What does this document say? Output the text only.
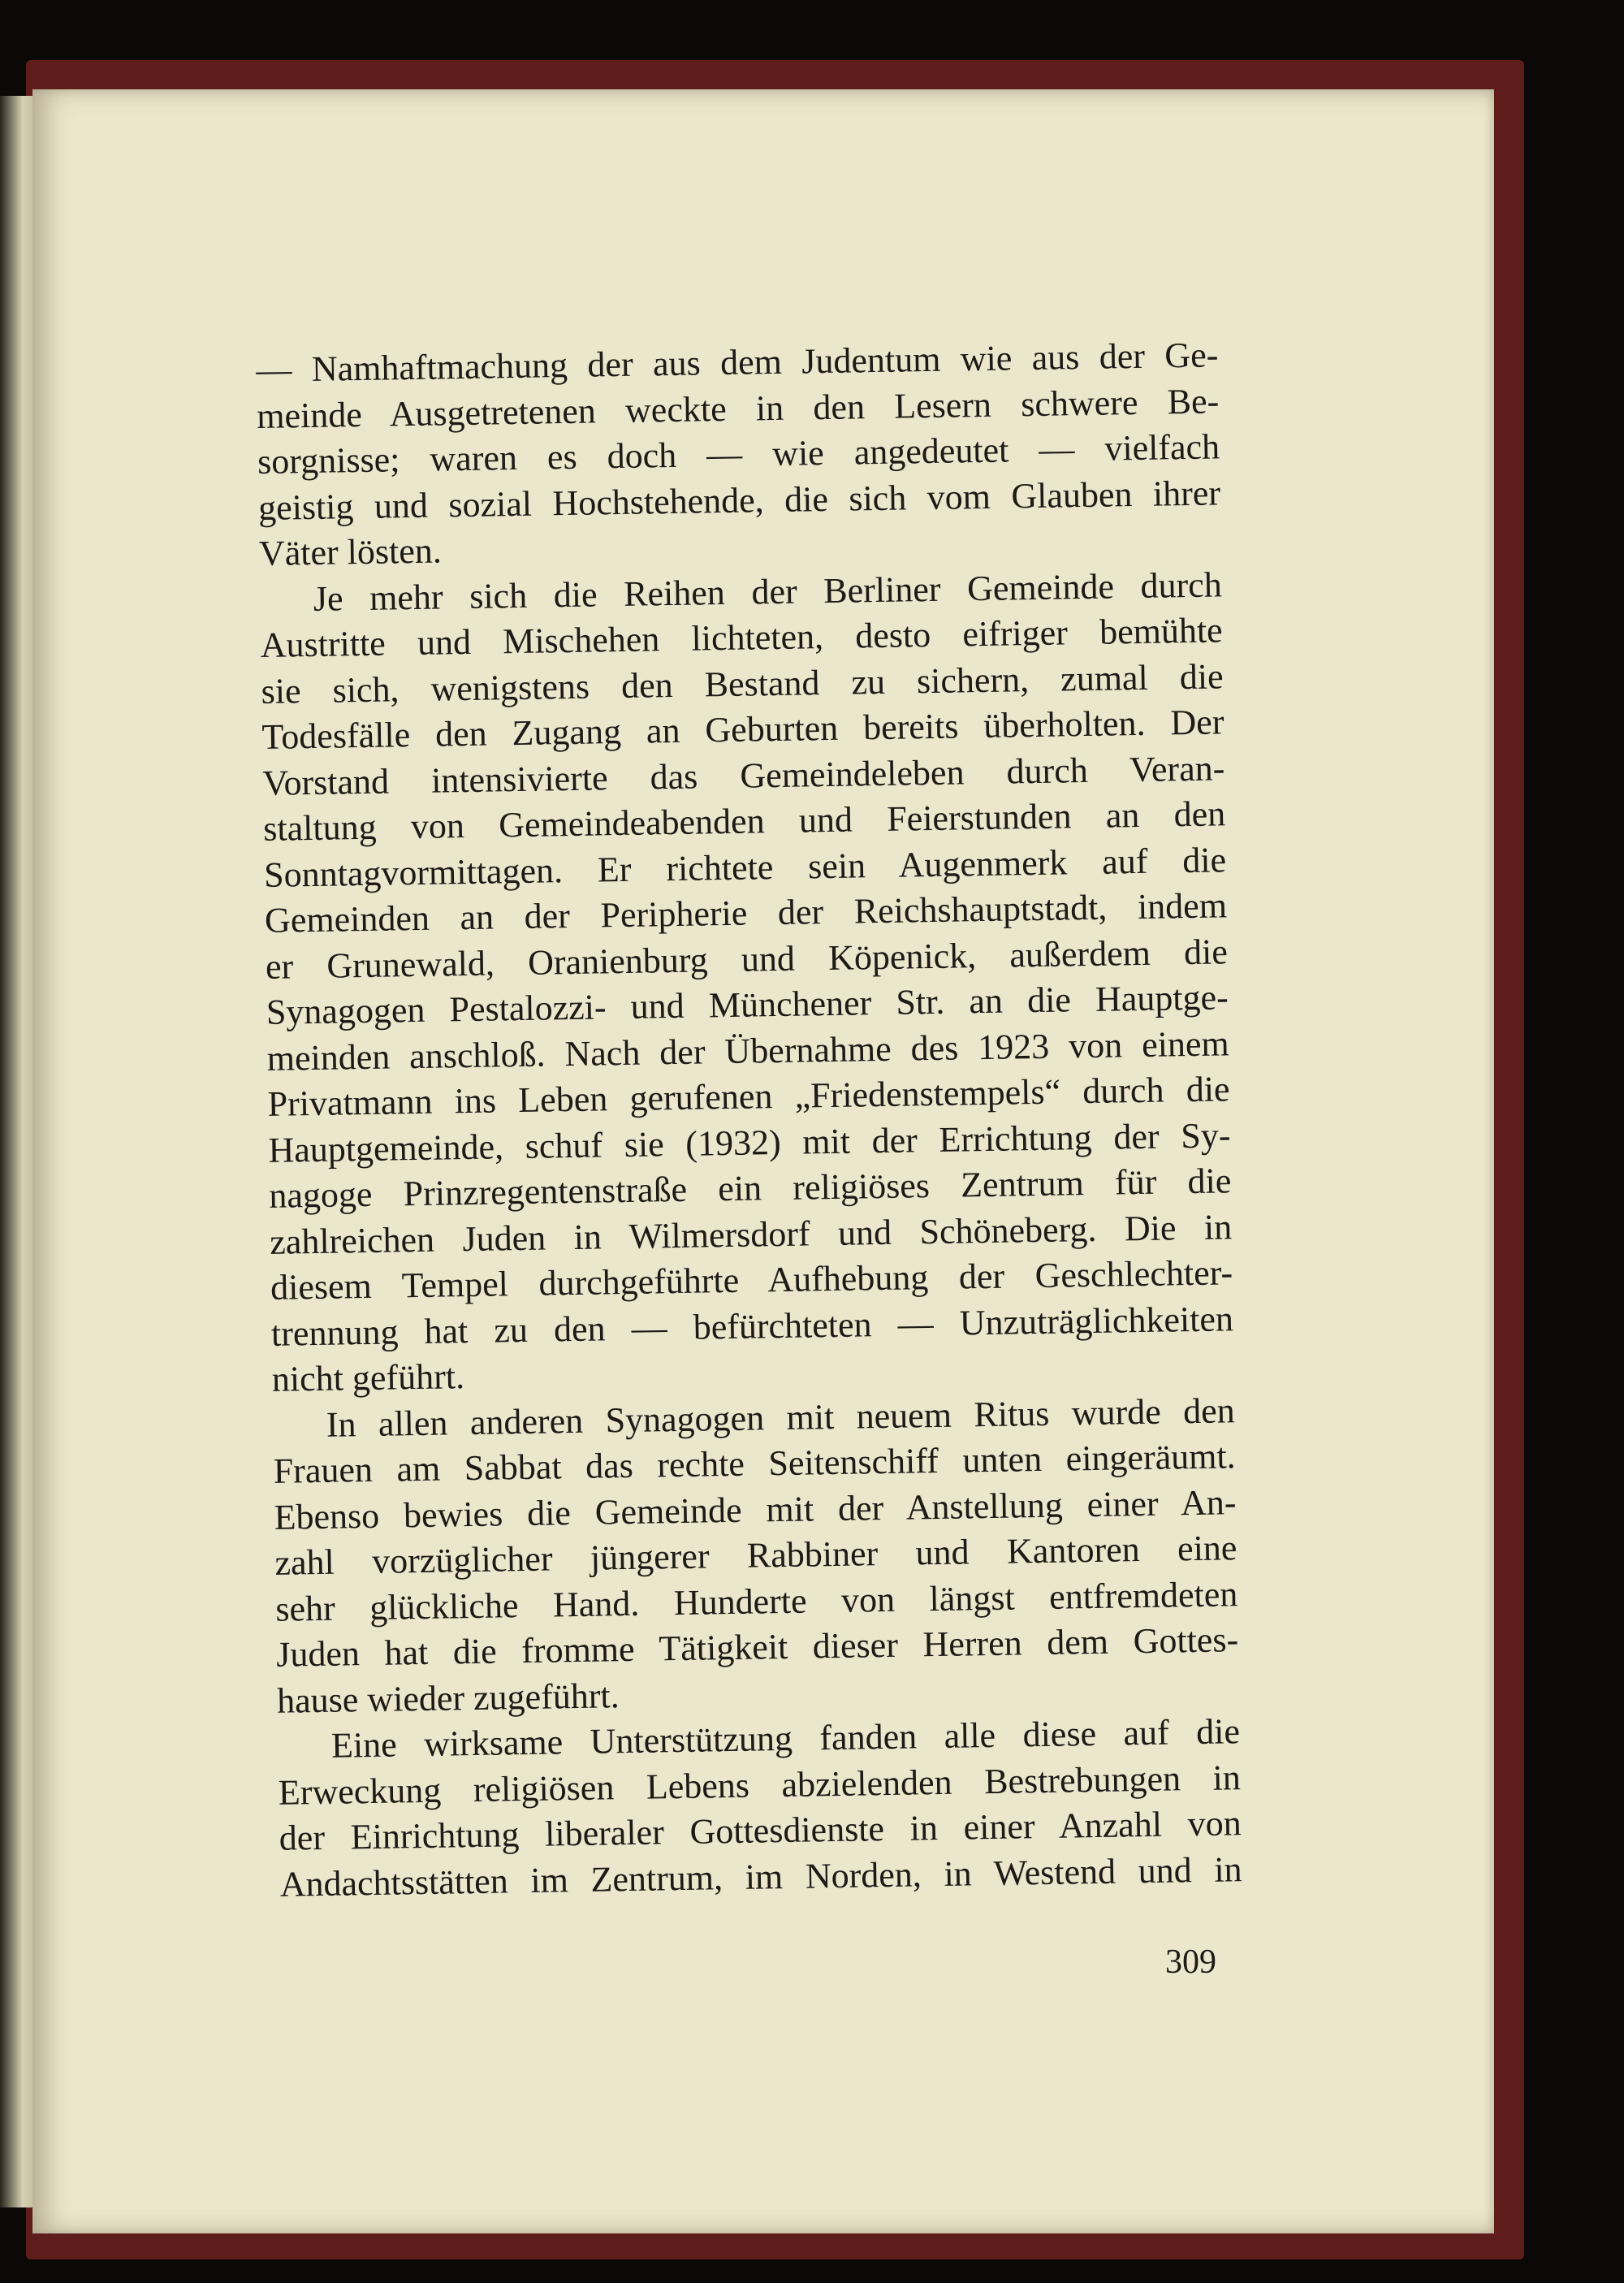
— Namhaftmachung der aus dem Judentum wie aus der Ge-
meinde Ausgetretenen weckte in den Lesern schwere Be-
sorgnisse; waren es doch — wie angedeutet — vielfach
geistig und sozial Hochstehende, die sich vom Glauben ihrer
Väter lösten.

Je mehr sich die Reihen der Berliner Gemeinde durch
Austritte und Mischehen lichteten, desto eifriger bemühte
sie sich, wenigstens den Bestand zu sichern, zumal die
Todesfälle den Zugang an Geburten bereits überholten. Der
Vorstand intensivierte das Gemeindeleben durch Veran-
staltung von Gemeindeabenden und Feierstunden an den
Sonntagvormittagen. Er richtete sein Augenmerk auf die
Gemeinden an der Peripherie der Reichshauptstadt, indem
er Grunewald, Oranienburg und Köpenick, außerdem die
Synagogen Pestalozzi- und Münchener Str. an die Hauptge-
meinden anschloß. Nach der Übernahme des 1923 von einem
Privatmann ins Leben gerufenen „Friedenstempels“ durch die
Hauptgemeinde, schuf sie (1932) mit der Errichtung der Sy-
nagoge Prinzregentenstraße ein religiöses Zentrum für die
zahlreichen Juden in Wilmersdorf und Schöneberg. Die in
diesem Tempel durchgeführte Aufhebung der Geschlechter-
trennung hat zu den — befürchteten — Unzuträglichkeiten
nicht geführt.

In allen anderen Synagogen mit neuem Ritus wurde den
Frauen am Sabbat das rechte Seitenschiff unten eingeräumt.
Ebenso bewies die Gemeinde mit der Anstellung einer An-
zahl vorzüglicher jüngerer Rabbiner und Kantoren eine
sehr glückliche Hand. Hunderte von längst entfremdeten
Juden hat die fromme Tätigkeit dieser Herren dem Gottes-
hause wieder zugeführt.

Eine wirksame Unterstützung fanden alle diese auf die
Erweckung religiösen Lebens abzielenden Bestrebungen in
der Einrichtung liberaler Gottesdienste in einer Anzahl von
Andachtsstätten im Zentrum, im Norden, in Westend und in

309
